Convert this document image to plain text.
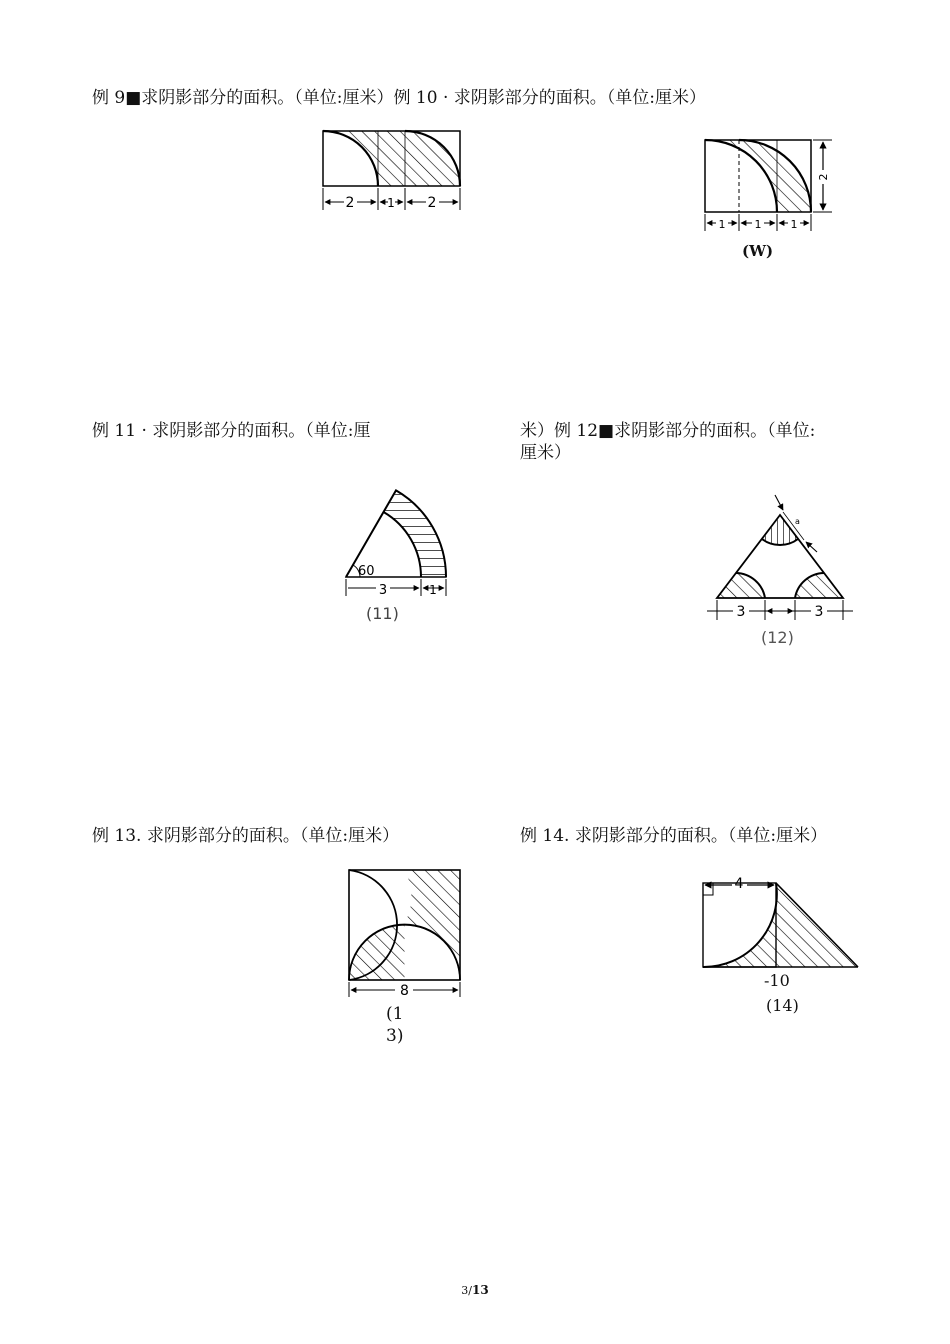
例 9■求阴影部分的面积。（单位:厘米）例 10 · 求阴影部分的面积。（单位:厘米）
例 11 · 求阴影部分的面积。（单位:厘	米）例 12■求阴影部分的面积。（单位:
厘米）
例 13. 求阴影部分的面积。（单位:厘米）	例 14. 求阴影部分的面积。（单位:厘米）
2	1 2
1	1	1
2
(W)
60
3	1
(11)
a
3	3
(12)
8
(1
3)
4
-10
(14)
3/13
